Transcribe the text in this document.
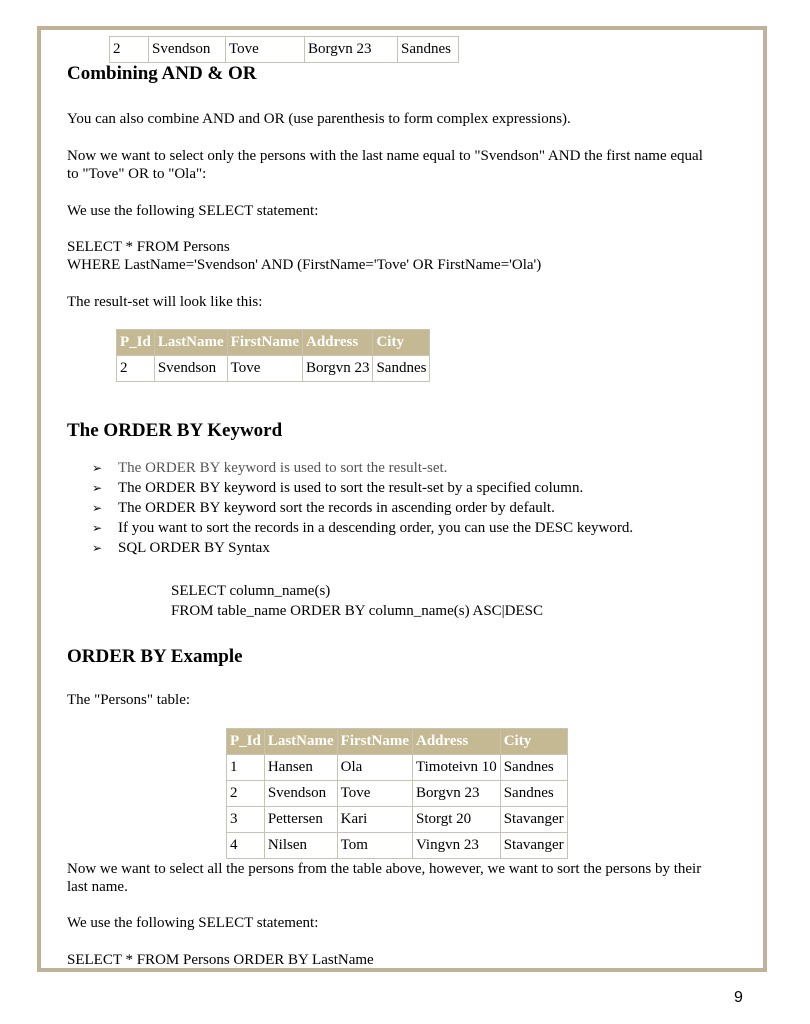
2	Svendson	Tove	Borgvn 23	Sandnes
Combining AND & OR
You can also combine AND and OR (use parenthesis to form complex expressions).
Now we want to select only the persons with the last name equal to "Svendson" AND the first name equal
to "Tove" OR to "Ola":
We use the following SELECT statement:
SELECT * FROM Persons
WHERE LastName='Svendson' AND (FirstName='Tove' OR FirstName='Ola')
The result-set will look like this:
P_Id	LastName	FirstName	Address	City
2	Svendson	Tove	Borgvn 23	Sandnes
The ORDER BY Keyword
➢ The ORDER BY keyword is used to sort the result-set.
➢ The ORDER BY keyword is used to sort the result-set by a specified column.
➢ The ORDER BY keyword sort the records in ascending order by default.
➢ If you want to sort the records in a descending order, you can use the DESC keyword.
➢ SQL ORDER BY Syntax
SELECT column_name(s)
FROM table_name ORDER BY column_name(s) ASC|DESC
ORDER BY Example
The "Persons" table:
P_Id	LastName	FirstName	Address	City
1	Hansen	Ola	Timoteivn 10	Sandnes
2	Svendson	Tove	Borgvn 23	Sandnes
3	Pettersen	Kari	Storgt 20	Stavanger
4	Nilsen	Tom	Vingvn 23	Stavanger
Now we want to select all the persons from the table above, however, we want to sort the persons by their
last name.
We use the following SELECT statement:
SELECT * FROM Persons ORDER BY LastName
9
